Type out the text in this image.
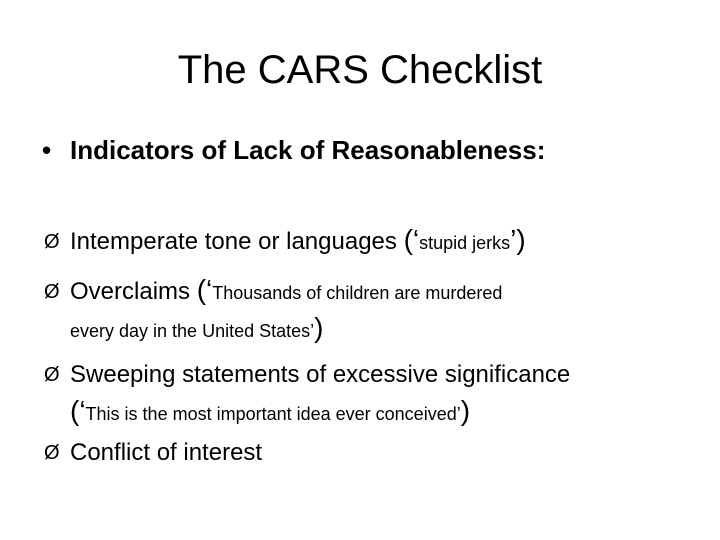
The CARS Checklist
• Indicators of Lack of Reasonableness:
Ø Intemperate tone or languages (‘stupid jerks’)
Ø Overclaims (‘Thousands of children are murdered
every day in the United States’)
Ø Sweeping statements of excessive significance
(‘This is the most important idea ever conceived’)
Ø Conflict of interest
